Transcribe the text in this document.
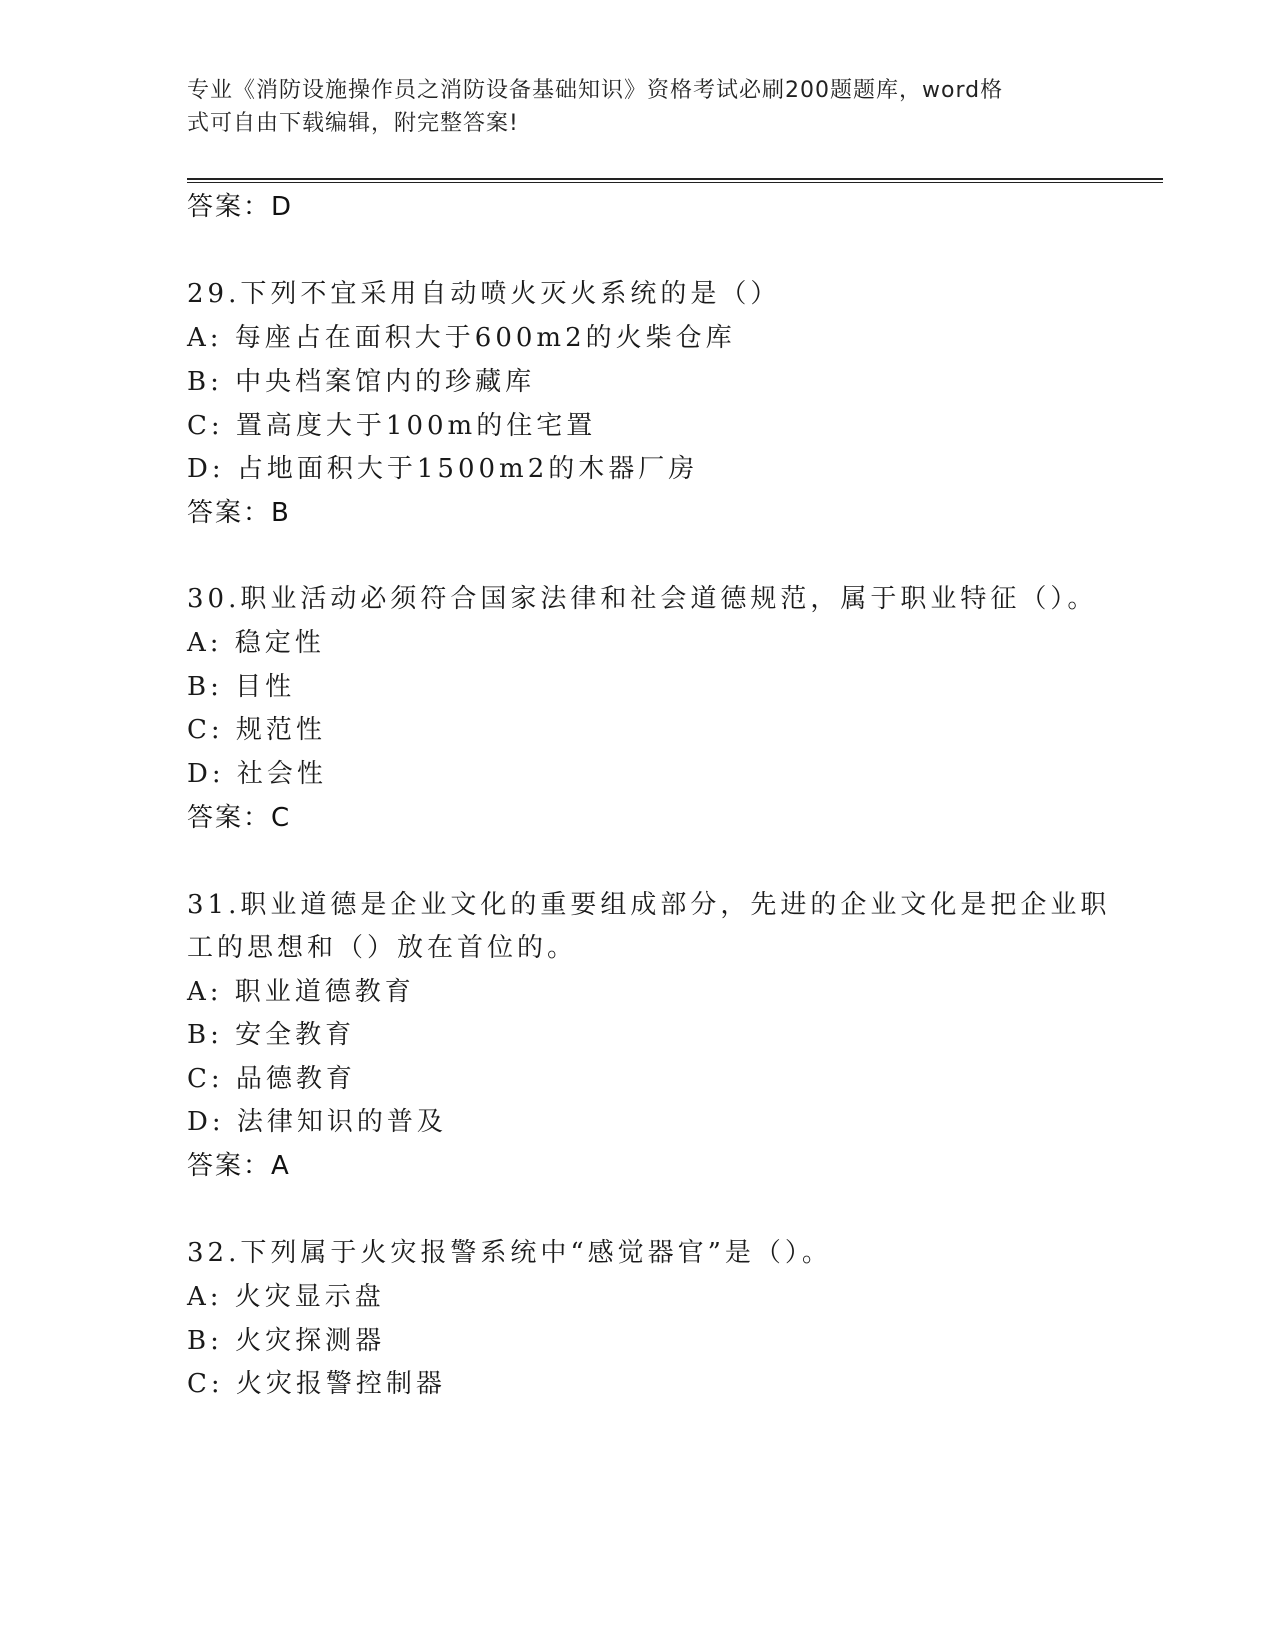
专业《消防设施操作员之消防设备基础知识》资格考试必刷200题题库，word格
式可自由下载编辑，附完整答案!
答案：D
29.下列不宜采用自动喷火灭火系统的是（）
A: 每座占在面积大于600m2的火柴仓库
B: 中央档案馆内的珍藏库
C: 置高度大于100m的住宅置
D: 占地面积大于1500m2的木器厂房
答案：B
30.职业活动必须符合国家法律和社会道德规范，属于职业特征（）。
A: 稳定性
B: 目性
C: 规范性
D: 社会性
答案：C
31.职业道德是企业文化的重要组成部分，先进的企业文化是把企业职
工的思想和（）放在首位的。
A: 职业道德教育
B: 安全教育
C: 品德教育
D: 法律知识的普及
答案：A
32.下列属于火灾报警系统中“感觉器官”是（）。
A: 火灾显示盘
B: 火灾探测器
C: 火灾报警控制器
